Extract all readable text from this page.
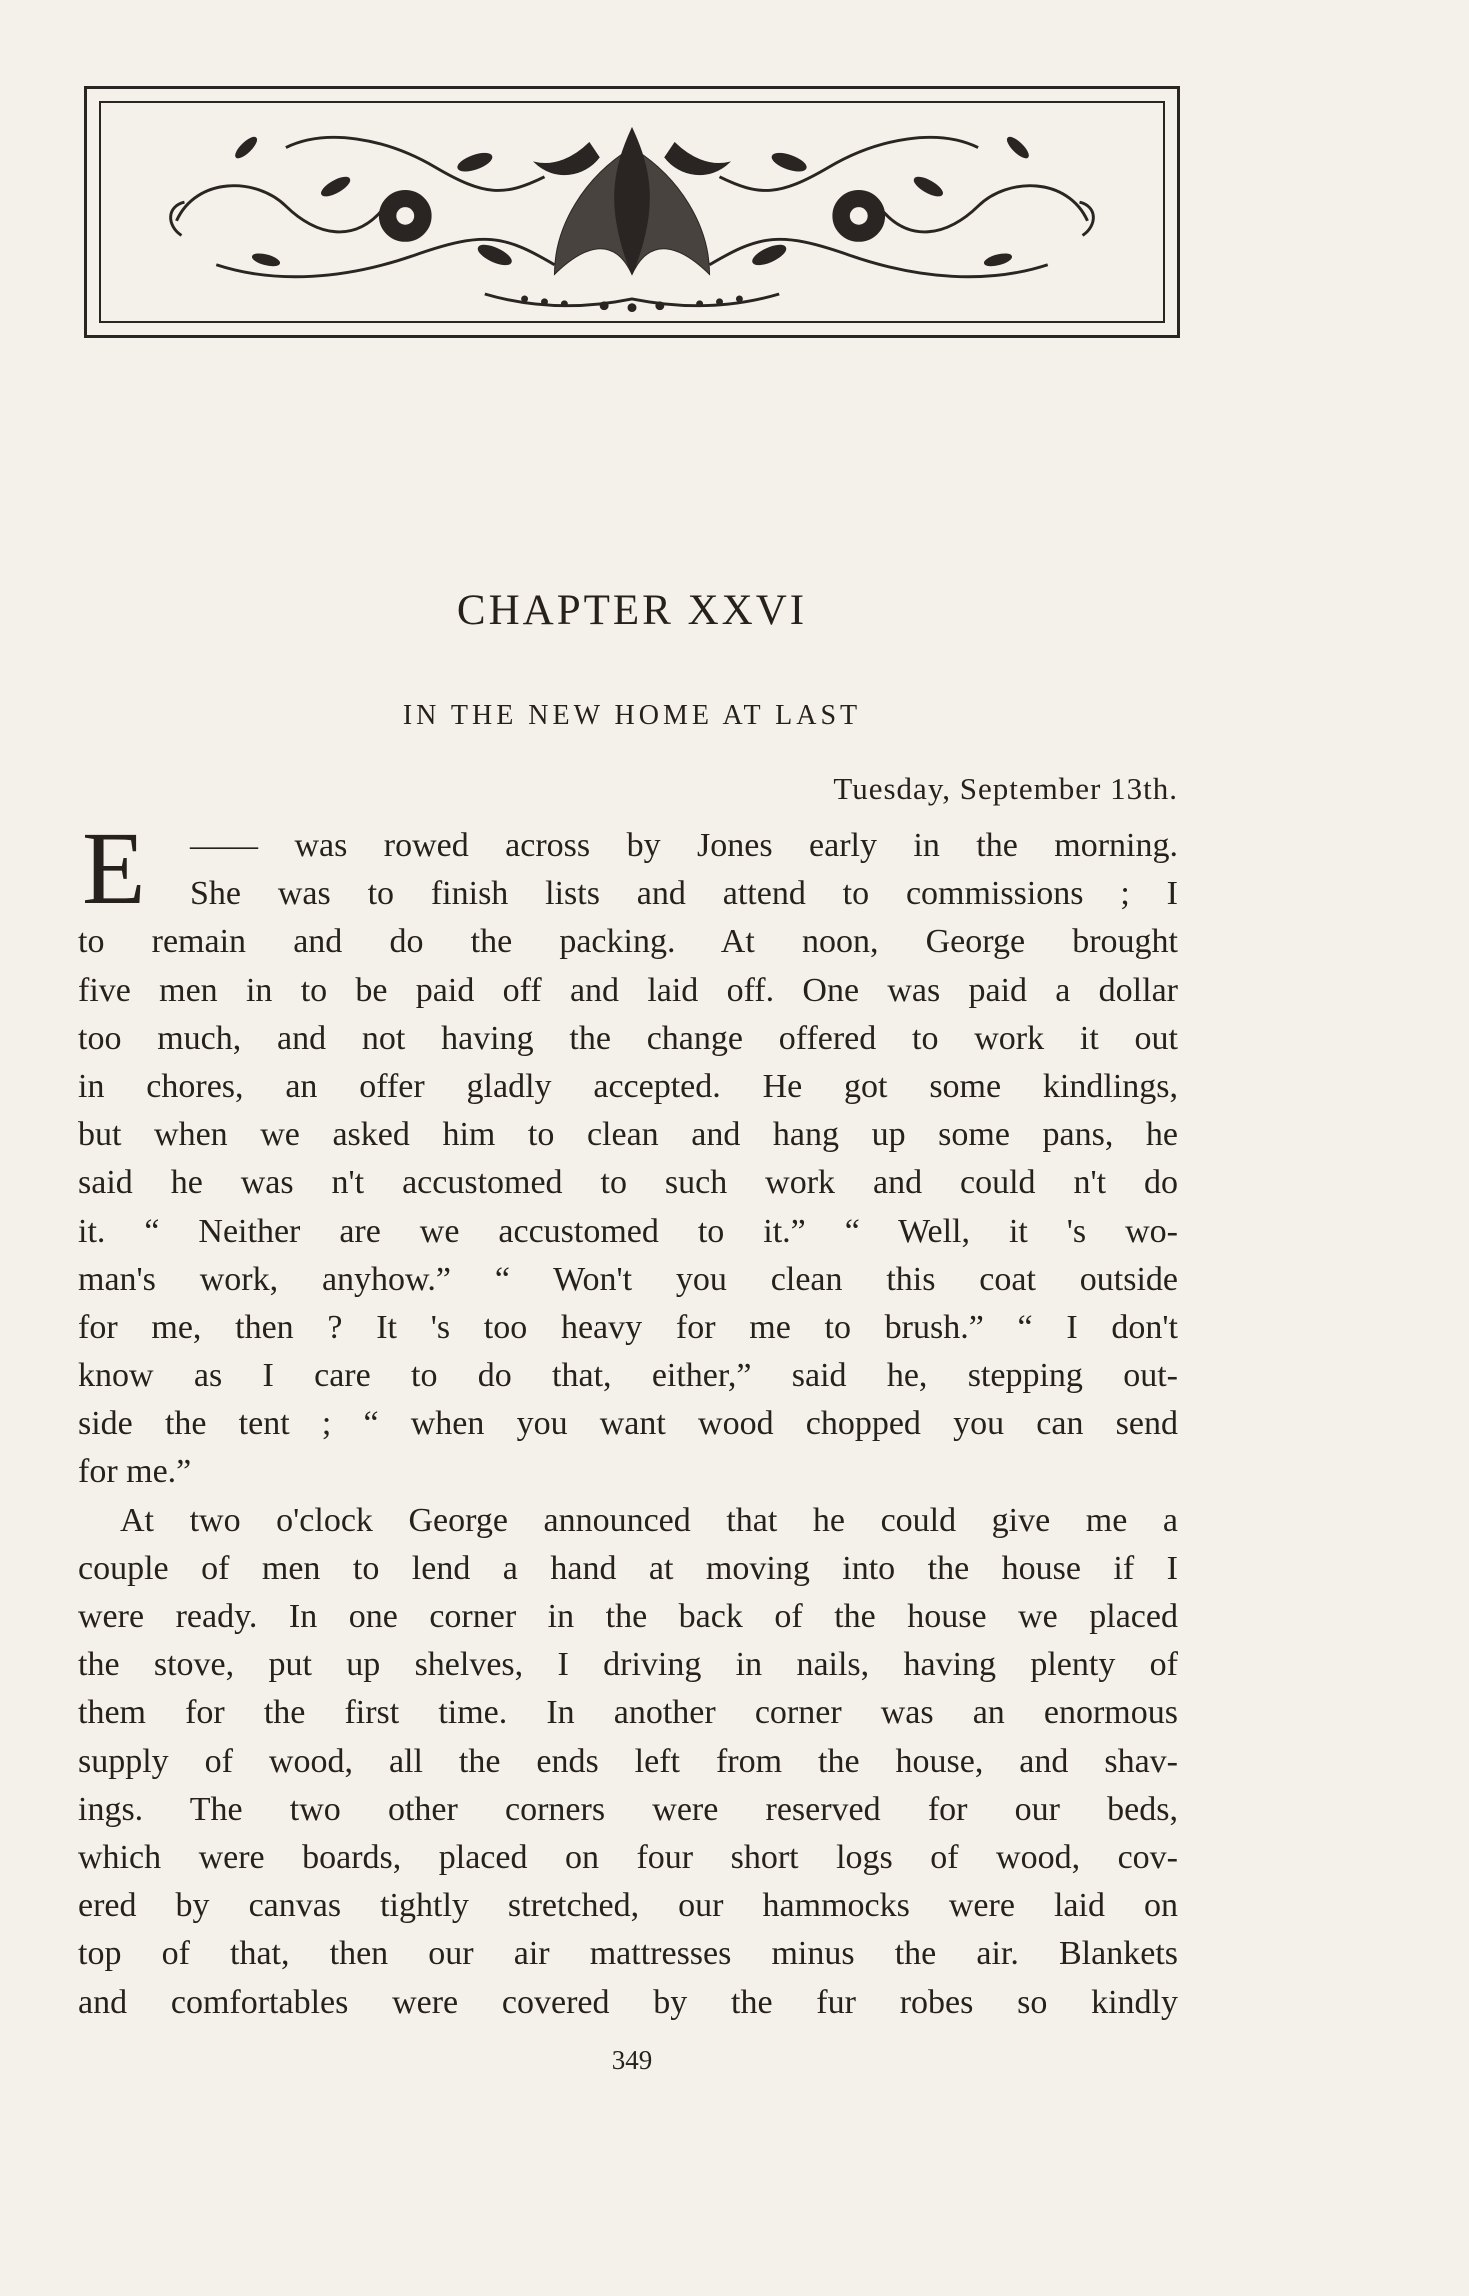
CHAPTER XXVI
IN THE NEW HOME AT LAST
Tuesday, September 13th.
E	—— was rowed across by Jones early in the morning.
She was to finish lists and attend to commissions ; I
to remain and do the packing. At noon, George brought
five men in to be paid off and laid off. One was paid a dollar
too much, and not having the change offered to work it out
in chores, an offer gladly accepted. He got some kindlings,
but when we asked him to clean and hang up some pans, he
said he was n't accustomed to such work and could n't do
it. “ Neither are we accustomed to it.” “ Well, it 's wo-
man's work, anyhow.” “ Won't you clean this coat outside
for me, then ? It 's too heavy for me to brush.” “ I don't
know as I care to do that, either,” said he, stepping out-
side the tent ; “ when you want wood chopped you can send
for me.”
At two o'clock George announced that he could give me a
couple of men to lend a hand at moving into the house if I
were ready. In one corner in the back of the house we placed
the stove, put up shelves, I driving in nails, having plenty of
them for the first time. In another corner was an enormous
supply of wood, all the ends left from the house, and shav-
ings. The two other corners were reserved for our beds,
which were boards, placed on four short logs of wood, cov-
ered by canvas tightly stretched, our hammocks were laid on
top of that, then our air mattresses minus the air. Blankets
and comfortables were covered by the fur robes so kindly
349
